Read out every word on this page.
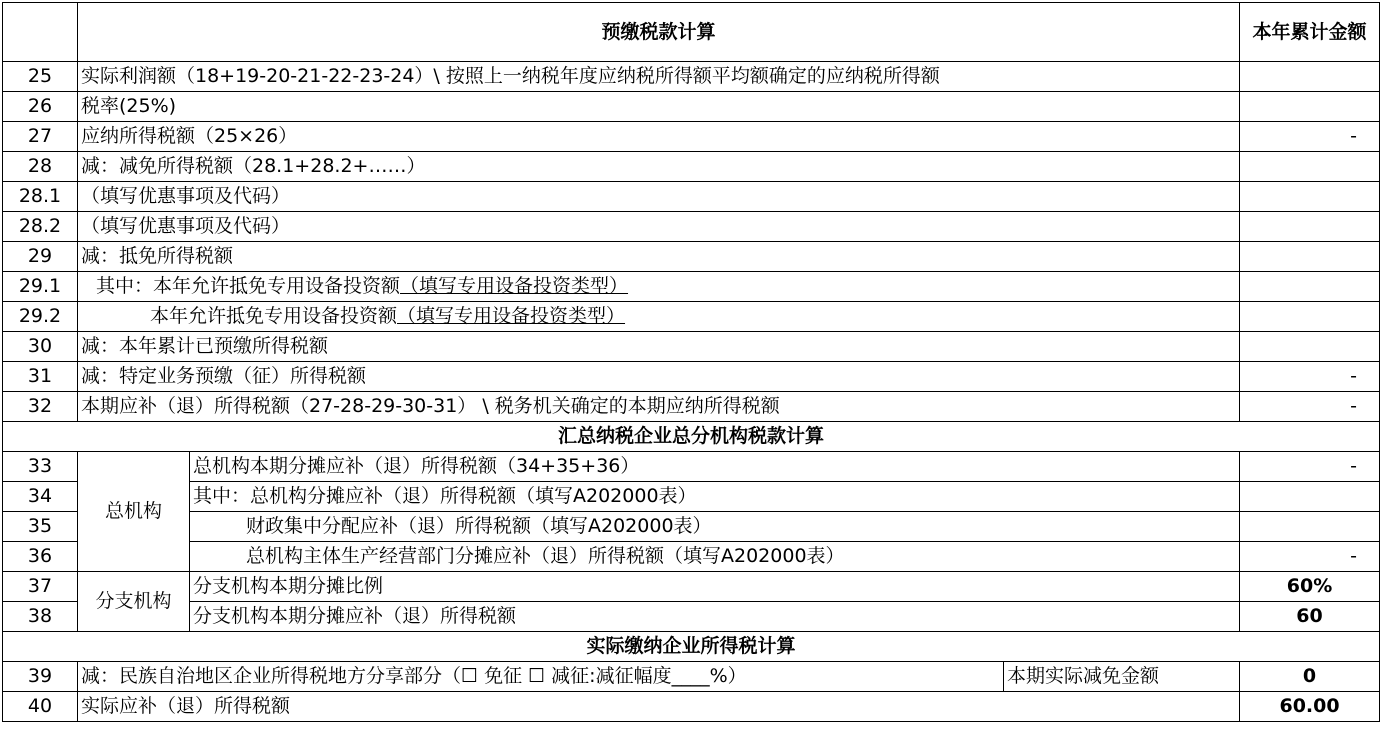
	预缴税款计算			本年累计金额
25	实际利润额（18+19-20-21-22-23-24）\ 按照上一纳税年度应纳税所得额平均额确定的应纳税所得额			
26	税率(25%)			
27	应纳所得税额（25×26）			-
28	减：减免所得税额（28.1+28.2+……）			
28.1	（填写优惠事项及代码）			
28.2	（填写优惠事项及代码）			
29	减：抵免所得税额			
29.1	其中：本年允许抵免专用设备投资额（填写专用设备投资类型）			
29.2	本年允许抵免专用设备投资额（填写专用设备投资类型）			
30	减：本年累计已预缴所得税额			
31	减：特定业务预缴（征）所得税额			-
32	本期应补（退）所得税额（27-28-29-30-31） \ 税务机关确定的本期应纳所得税额			-
汇总纳税企业总分机构税款计算				
33	总机构	总机构本期分摊应补（退）所得税额（34+35+36）		-
34		其中：总机构分摊应补（退）所得税额（填写A202000表）		
35		财政集中分配应补（退）所得税额（填写A202000表）		
36		总机构主体生产经营部门分摊应补（退）所得税额（填写A202000表）		-
37	分支机构	分支机构本期分摊比例		60%
38		分支机构本期分摊应补（退）所得税额		60
实际缴纳企业所得税计算				
39	减：民族自治地区企业所得税地方分享部分（☐ 免征 ☐ 减征:减征幅度____%）		本期实际减免金额	0
40	实际应补（退）所得税额			60.00
